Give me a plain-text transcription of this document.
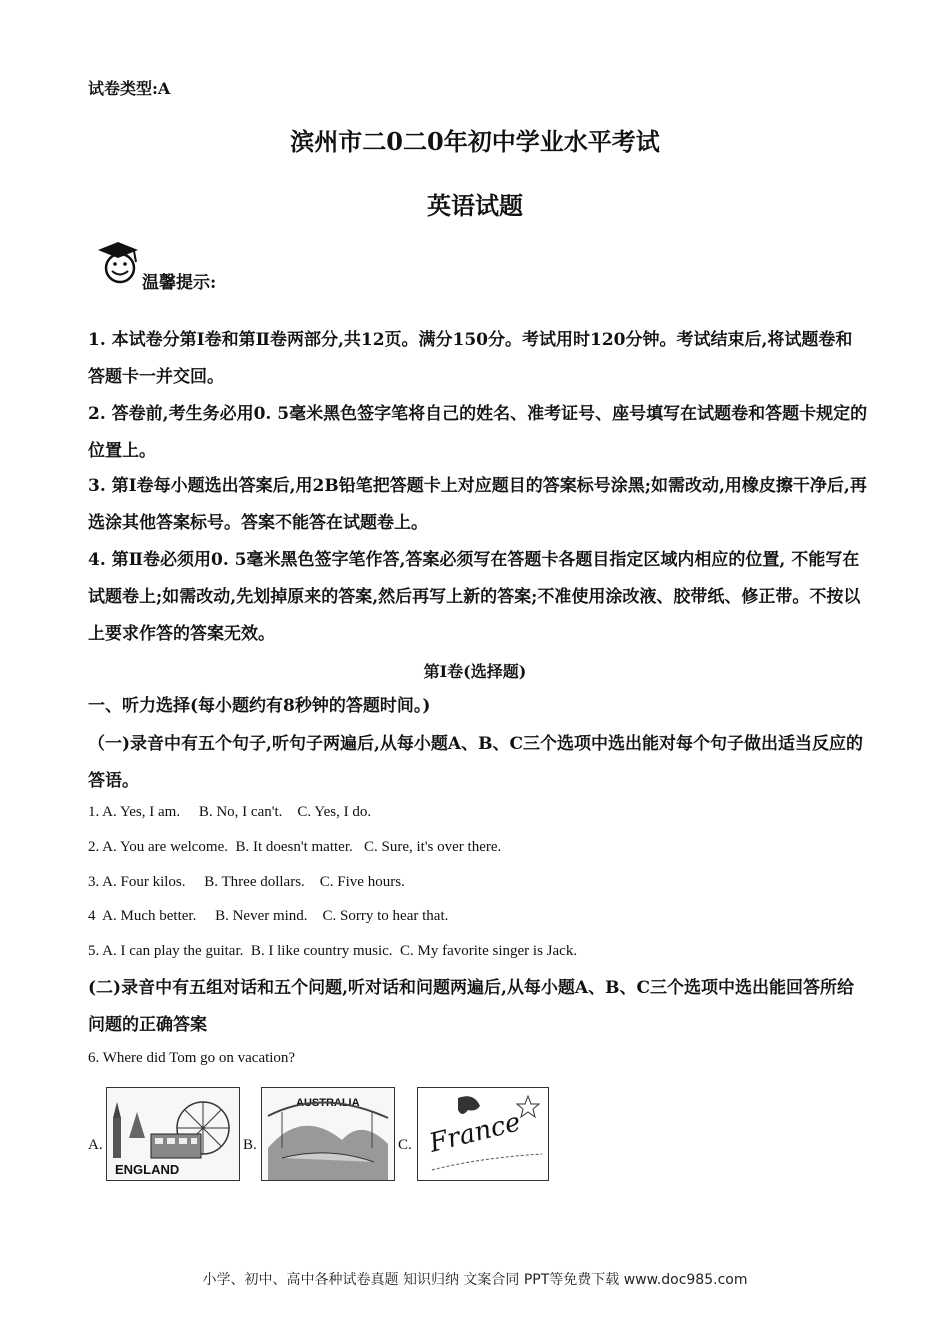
试卷类型:A
滨州市二0二0年初中学业水平考试
英语试题
温馨提示:
1. 本试卷分第Ⅰ卷和第Ⅱ卷两部分,共12页。满分150分。考试用时120分钟。考试结束后,将试题卷和答题卡一并交回。
2. 答卷前,考生务必用0. 5毫米黑色签字笔将自己的姓名、准考证号、座号填写在试题卷和答题卡规定的位置上。
3. 第Ⅰ卷每小题选出答案后,用2B铅笔把答题卡上对应题目的答案标号涂黑;如需改动,用橡皮擦干净后,再选涂其他答案标号。答案不能答在试题卷上。
4. 第Ⅱ卷必须用0. 5毫米黑色签字笔作答,答案必须写在答题卡各题目指定区域内相应的位置, 不能写在试题卷上;如需改动,先划掉原来的答案,然后再写上新的答案;不准使用涂改液、胶带纸、修正带。不按以上要求作答的答案无效。
第I卷(选择题)
一、听力选择(每小题约有8秒钟的答题时间。)
（一)录音中有五个句子,听句子两遍后,从每小题A、B、C三个选项中选出能对每个句子做出适当反应的答语。
1. A. Yes, I am.     B. No, I can't.    C. Yes, I do.
2. A. You are welcome.  B. It doesn't matter.   C. Sure, it's over there.
3. A. Four kilos.     B. Three dollars.    C. Five hours.
4  A. Much better.     B. Never mind.    C. Sorry to hear that.
5. A. I can play the guitar.  B. I like country music.  C. My favorite singer is Jack.
(二)录音中有五组对话和五个问题,听对话和问题两遍后,从每小题A、B、C三个选项中选出能回答所给问题的正确答案
6. Where did Tom go on vacation?
A.
ENGLAND
B.
AUSTRALIA
C. France
小学、初中、高中各种试卷真题 知识归纳 文案合同 PPT等免费下载 www.doc985.com
